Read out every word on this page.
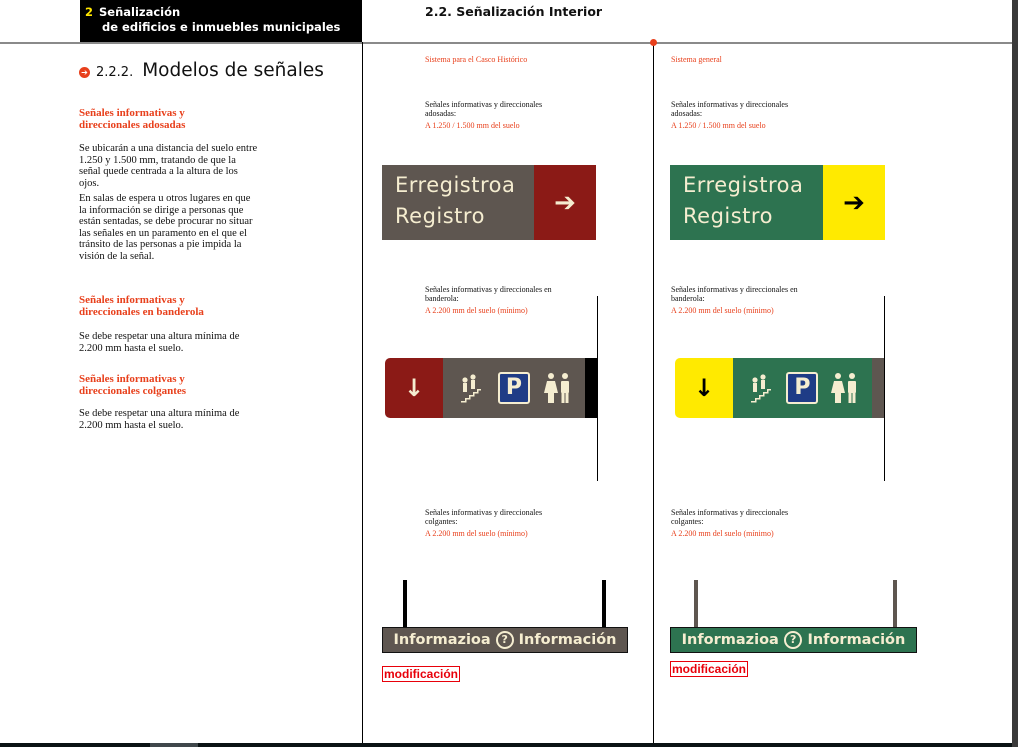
2 Señalización
de edificios e inmuebles municipales
2.2. Señalización Interior
➔ 2.2.2. Modelos de señales
Señales informativas y direccionales adosadas
Se ubicarán a una distancia del suelo entre 1.250 y 1.500 mm, tratando de que la señal quede centrada a la altura de los ojos.
En salas de espera u otros lugares en que la información se dirige a personas que están sentadas, se debe procurar no situar las señales en un paramento en el que el tránsito de las personas a pie impida la visión de la señal.
Señales informativas y direccionales en banderola
Se debe respetar una altura mínima de 2.200 mm hasta el suelo.
Señales informativas y direccionales colgantes
Se debe respetar una altura mínima de 2.200 mm hasta el suelo.
Sistema para el Casco Histórico
Señales informativas y direccionales adosadas:
A 1.250 / 1.500 mm del suelo
Erregistroa
Registro	➔
Señales informativas y direccionales en banderola:
A 2.200 mm del suelo (mínimo)
↓	P
Señales informativas y direccionales colgantes:
A 2.200 mm del suelo (mínimo)
Informazioa ? Información
modificación
Sistema general
Señales informativas y direccionales adosadas:
A 1.250 / 1.500 mm del suelo
Erregistroa
Registro	➔
Señales informativas y direccionales en banderola:
A 2.200 mm del suelo (mínimo)
↓	P
Señales informativas y direccionales colgantes:
A 2.200 mm del suelo (mínimo)
Informazioa	? Información
modificación
